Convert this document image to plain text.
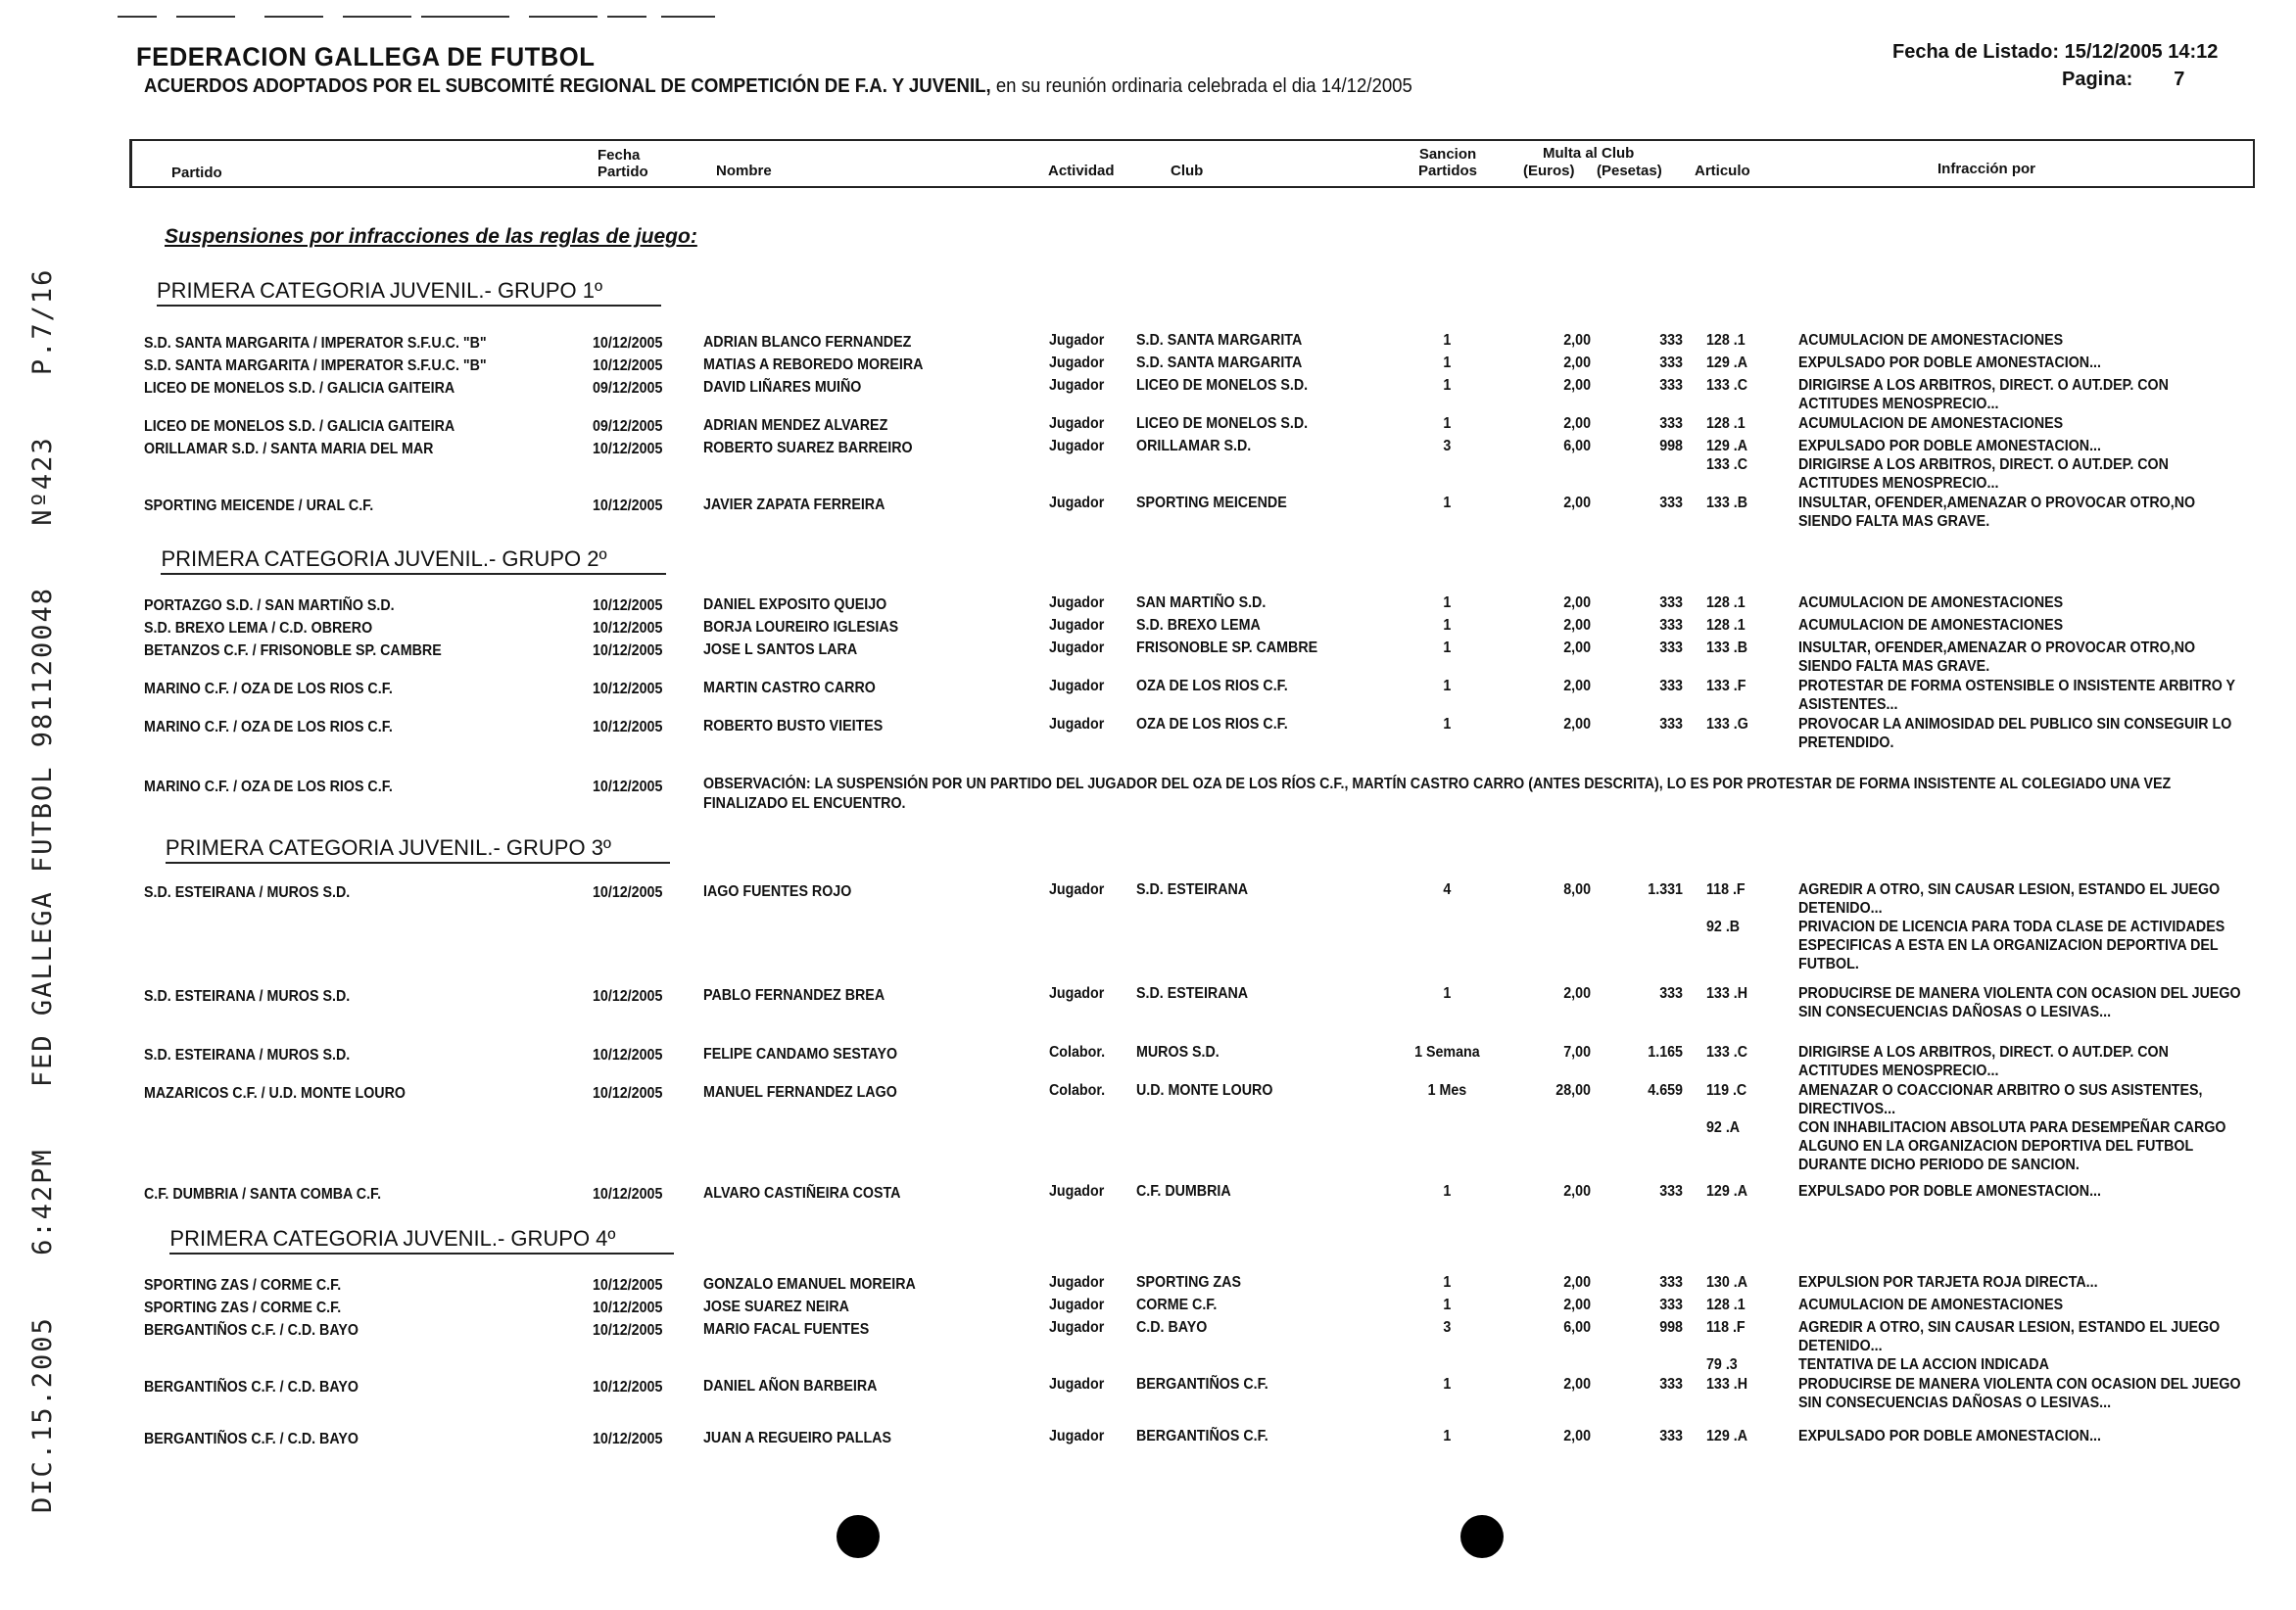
DIC.15.2005 6:42PM FED GALLEGA FUTBOL 981120048 Nº423 P.7/16
FEDERACION GALLEGA DE FUTBOL
ACUERDOS ADOPTADOS POR EL SUBCOMITÉ REGIONAL DE COMPETICIÓN DE F.A. Y JUVENIL, en su reunión ordinaria celebrada el dia 14/12/2005
Fecha de Listado: 15/12/2005 14:12
Pagina: 7
Partido
Fecha Partido	Nombre	Actividad	Club
Sancion Partidos
Multa al Club
(Euros) (Pesetas) Articulo	Infracción por
Suspensiones por infracciones de las reglas de juego:
PRIMERA CATEGORIA JUVENIL.- GRUPO 1º
S.D. SANTA MARGARITA / IMPERATOR S.F.U.C. "B"	10/12/2005	ADRIAN BLANCO FERNANDEZ	Jugador S.D. SANTA MARGARITA	1	2,00	333 128 .1	ACUMULACION DE AMONESTACIONES
S.D. SANTA MARGARITA / IMPERATOR S.F.U.C. "B"	10/12/2005	MATIAS A REBOREDO MOREIRA	Jugador S.D. SANTA MARGARITA	1	2,00	333 129 .A	EXPULSADO POR DOBLE AMONESTACION...
LICEO DE MONELOS S.D. / GALICIA GAITEIRA	09/12/2005	DAVID LIÑARES MUIÑO	Jugador LICEO DE MONELOS S.D.	1	2,00	333 133 .C	DIRIGIRSE A LOS ARBITROS, DIRECT. O AUT.DEP. CON ACTITUDES MENOSPRECIO...
LICEO DE MONELOS S.D. / GALICIA GAITEIRA	09/12/2005	ADRIAN MENDEZ ALVAREZ	Jugador LICEO DE MONELOS S.D.	1	2,00	333 128 .1	ACUMULACION DE AMONESTACIONES
ORILLAMAR S.D. / SANTA MARIA DEL MAR	10/12/2005	ROBERTO SUAREZ BARREIRO	Jugador ORILLAMAR S.D.	3	6,00	998 129 .A	EXPULSADO POR DOBLE AMONESTACION...
133 .C	DIRIGIRSE A LOS ARBITROS, DIRECT. O AUT.DEP. CON ACTITUDES MENOSPRECIO...
SPORTING MEICENDE / URAL C.F.	10/12/2005	JAVIER ZAPATA FERREIRA	Jugador SPORTING MEICENDE	1	2,00	333 133 .B	INSULTAR, OFENDER,AMENAZAR O PROVOCAR OTRO,NO SIENDO FALTA MAS GRAVE.
PRIMERA CATEGORIA JUVENIL.- GRUPO 2º
PORTAZGO S.D. / SAN MARTIÑO S.D.	10/12/2005	DANIEL EXPOSITO QUEIJO	Jugador SAN MARTIÑO S.D.	1	2,00	333 128 .1	ACUMULACION DE AMONESTACIONES
S.D. BREXO LEMA / C.D. OBRERO	10/12/2005	BORJA LOUREIRO IGLESIAS	Jugador S.D. BREXO LEMA	1	2,00	333 128 .1	ACUMULACION DE AMONESTACIONES
BETANZOS C.F. / FRISONOBLE SP. CAMBRE	10/12/2005	JOSE L SANTOS LARA	Jugador FRISONOBLE SP. CAMBRE	1	2,00	333 133 .B	INSULTAR, OFENDER,AMENAZAR O PROVOCAR OTRO,NO SIENDO FALTA MAS GRAVE.
MARINO C.F. / OZA DE LOS RIOS C.F.	10/12/2005	MARTIN CASTRO CARRO	Jugador OZA DE LOS RIOS C.F.	1	2,00	333 133 .F	PROTESTAR DE FORMA OSTENSIBLE O INSISTENTE ARBITRO Y ASISTENTES...
MARINO C.F. / OZA DE LOS RIOS C.F.	10/12/2005	ROBERTO BUSTO VIEITES	Jugador OZA DE LOS RIOS C.F.	1	2,00	333 133 .G	PROVOCAR LA ANIMOSIDAD DEL PUBLICO SIN CONSEGUIR LO PRETENDIDO.
MARINO C.F. / OZA DE LOS RIOS C.F.	10/12/2005	OBSERVACIÓN: LA SUSPENSIÓN POR UN PARTIDO DEL JUGADOR DEL OZA DE LOS RÍOS C.F., MARTÍN CASTRO CARRO (ANTES DESCRITA), LO ES POR PROTESTAR DE FORMA INSISTENTE AL COLEGIADO UNA VEZ FINALIZADO EL ENCUENTRO.
PRIMERA CATEGORIA JUVENIL.- GRUPO 3º
S.D. ESTEIRANA / MUROS S.D.	10/12/2005	IAGO FUENTES ROJO	Jugador S.D. ESTEIRANA	4	8,00	1.331 118 .F	AGREDIR A OTRO, SIN CAUSAR LESION, ESTANDO EL JUEGO DETENIDO...
92 .B	PRIVACION DE LICENCIA PARA TODA CLASE DE ACTIVIDADES ESPECIFICAS A ESTA EN LA ORGANIZACION DEPORTIVA DEL FUTBOL.
S.D. ESTEIRANA / MUROS S.D.	10/12/2005	PABLO FERNANDEZ BREA	Jugador S.D. ESTEIRANA	1	2,00	333 133 .H	PRODUCIRSE DE MANERA VIOLENTA CON OCASION DEL JUEGO SIN CONSECUENCIAS DAÑOSAS O LESIVAS...
S.D. ESTEIRANA / MUROS S.D.	10/12/2005	FELIPE CANDAMO SESTAYO	Colabor. MUROS S.D.	1 Semana	7,00	1.165 133 .C	DIRIGIRSE A LOS ARBITROS, DIRECT. O AUT.DEP. CON ACTITUDES MENOSPRECIO...
MAZARICOS C.F. / U.D. MONTE LOURO	10/12/2005	MANUEL FERNANDEZ LAGO	Colabor. U.D. MONTE LOURO	1 Mes	28,00	4.659 119 .C	AMENAZAR O COACCIONAR ARBITRO O SUS ASISTENTES, DIRECTIVOS...
92 .A	CON INHABILITACION ABSOLUTA PARA DESEMPEÑAR CARGO ALGUNO EN LA ORGANIZACION DEPORTIVA DEL FUTBOL DURANTE DICHO PERIODO DE SANCION.
C.F. DUMBRIA / SANTA COMBA C.F.	10/12/2005	ALVARO CASTIÑEIRA COSTA	Jugador C.F. DUMBRIA	1	2,00	333 129 .A	EXPULSADO POR DOBLE AMONESTACION...
PRIMERA CATEGORIA JUVENIL.- GRUPO 4º
SPORTING ZAS / CORME C.F.	10/12/2005	GONZALO EMANUEL MOREIRA	Jugador SPORTING ZAS	1	2,00	333 130 .A	EXPULSION POR TARJETA ROJA DIRECTA...
SPORTING ZAS / CORME C.F.	10/12/2005	JOSE SUAREZ NEIRA	Jugador CORME C.F.	1	2,00	333 128 .1	ACUMULACION DE AMONESTACIONES
BERGANTIÑOS C.F. / C.D. BAYO	10/12/2005	MARIO FACAL FUENTES	Jugador C.D. BAYO	3	6,00	998 118 .F	AGREDIR A OTRO, SIN CAUSAR LESION, ESTANDO EL JUEGO DETENIDO...
79 .3	TENTATIVA DE LA ACCION INDICADA
BERGANTIÑOS C.F. / C.D. BAYO	10/12/2005	DANIEL AÑON BARBEIRA	Jugador BERGANTIÑOS C.F.	1	2,00	333 133 .H	PRODUCIRSE DE MANERA VIOLENTA CON OCASION DEL JUEGO SIN CONSECUENCIAS DAÑOSAS O LESIVAS...
BERGANTIÑOS C.F. / C.D. BAYO	10/12/2005	JUAN A REGUEIRO PALLAS	Jugador BERGANTIÑOS C.F.	1	2,00	333 129 .A	EXPULSADO POR DOBLE AMONESTACION...
